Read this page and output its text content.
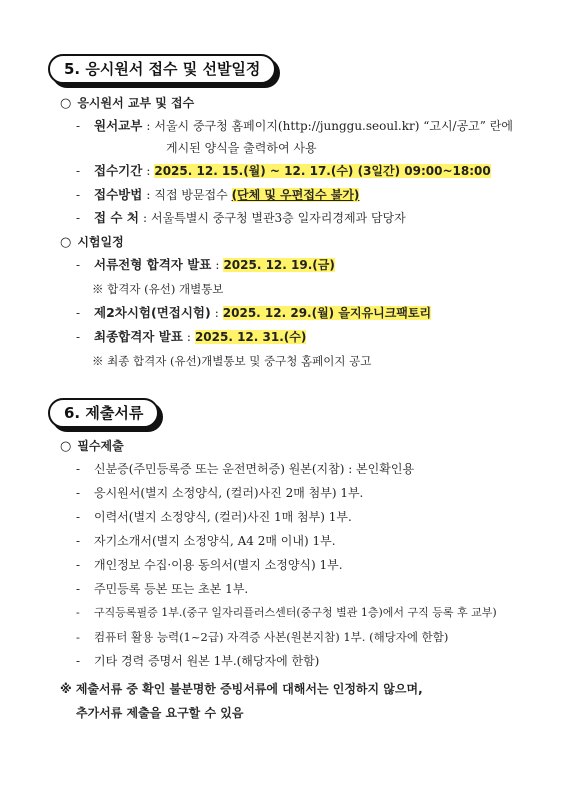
5. 응시원서 접수 및 선발일정
○ 응시원서 교부 및 접수
- 원서교부 : 서울시 중구청 홈페이지(http://junggu.seoul.kr) “고시/공고” 란에
게시된 양식을 출력하여 사용
- 접수기간 : 2025. 12. 15.(월) ~ 12. 17.(수) (3일간) 09:00~18:00
- 접수방법 : 직접 방문접수 (단체 및 우편접수 불가)
- 접 수 처 : 서울특별시 중구청 별관3층 일자리경제과 담당자
○ 시험일정
- 서류전형 합격자 발표 : 2025. 12. 19.(금)
※ 합격자 (유선) 개별통보
- 제2차시험(면접시험) : 2025. 12. 29.(월) 을지유니크팩토리
- 최종합격자 발표 : 2025. 12. 31.(수)
※ 최종 합격자 (유선)개별통보 및 중구청 홈페이지 공고
6. 제출서류
○ 필수제출
- 신분증(주민등록증 또는 운전면허증) 원본(지참) : 본인확인용
- 응시원서(별지 소정양식, (컬러)사진 2매 첨부) 1부.
- 이력서(별지 소정양식, (컬러)사진 1매 첨부) 1부.
- 자기소개서(별지 소정양식, A4 2매 이내) 1부.
- 개인정보 수집·이용 동의서(별지 소정양식) 1부.
- 주민등록 등본 또는 초본 1부.
- 구직등록필증 1부.(중구 일자리플러스센터(중구청 별관 1층)에서 구직 등록 후 교부)
- 컴퓨터 활용 능력(1~2급) 자격증 사본(원본지참) 1부. (해당자에 한함)
- 기타 경력 증명서 원본 1부.(해당자에 한함)
※ 제출서류 중 확인 불분명한 증빙서류에 대해서는 인정하지 않으며,
추가서류 제출을 요구할 수 있음
